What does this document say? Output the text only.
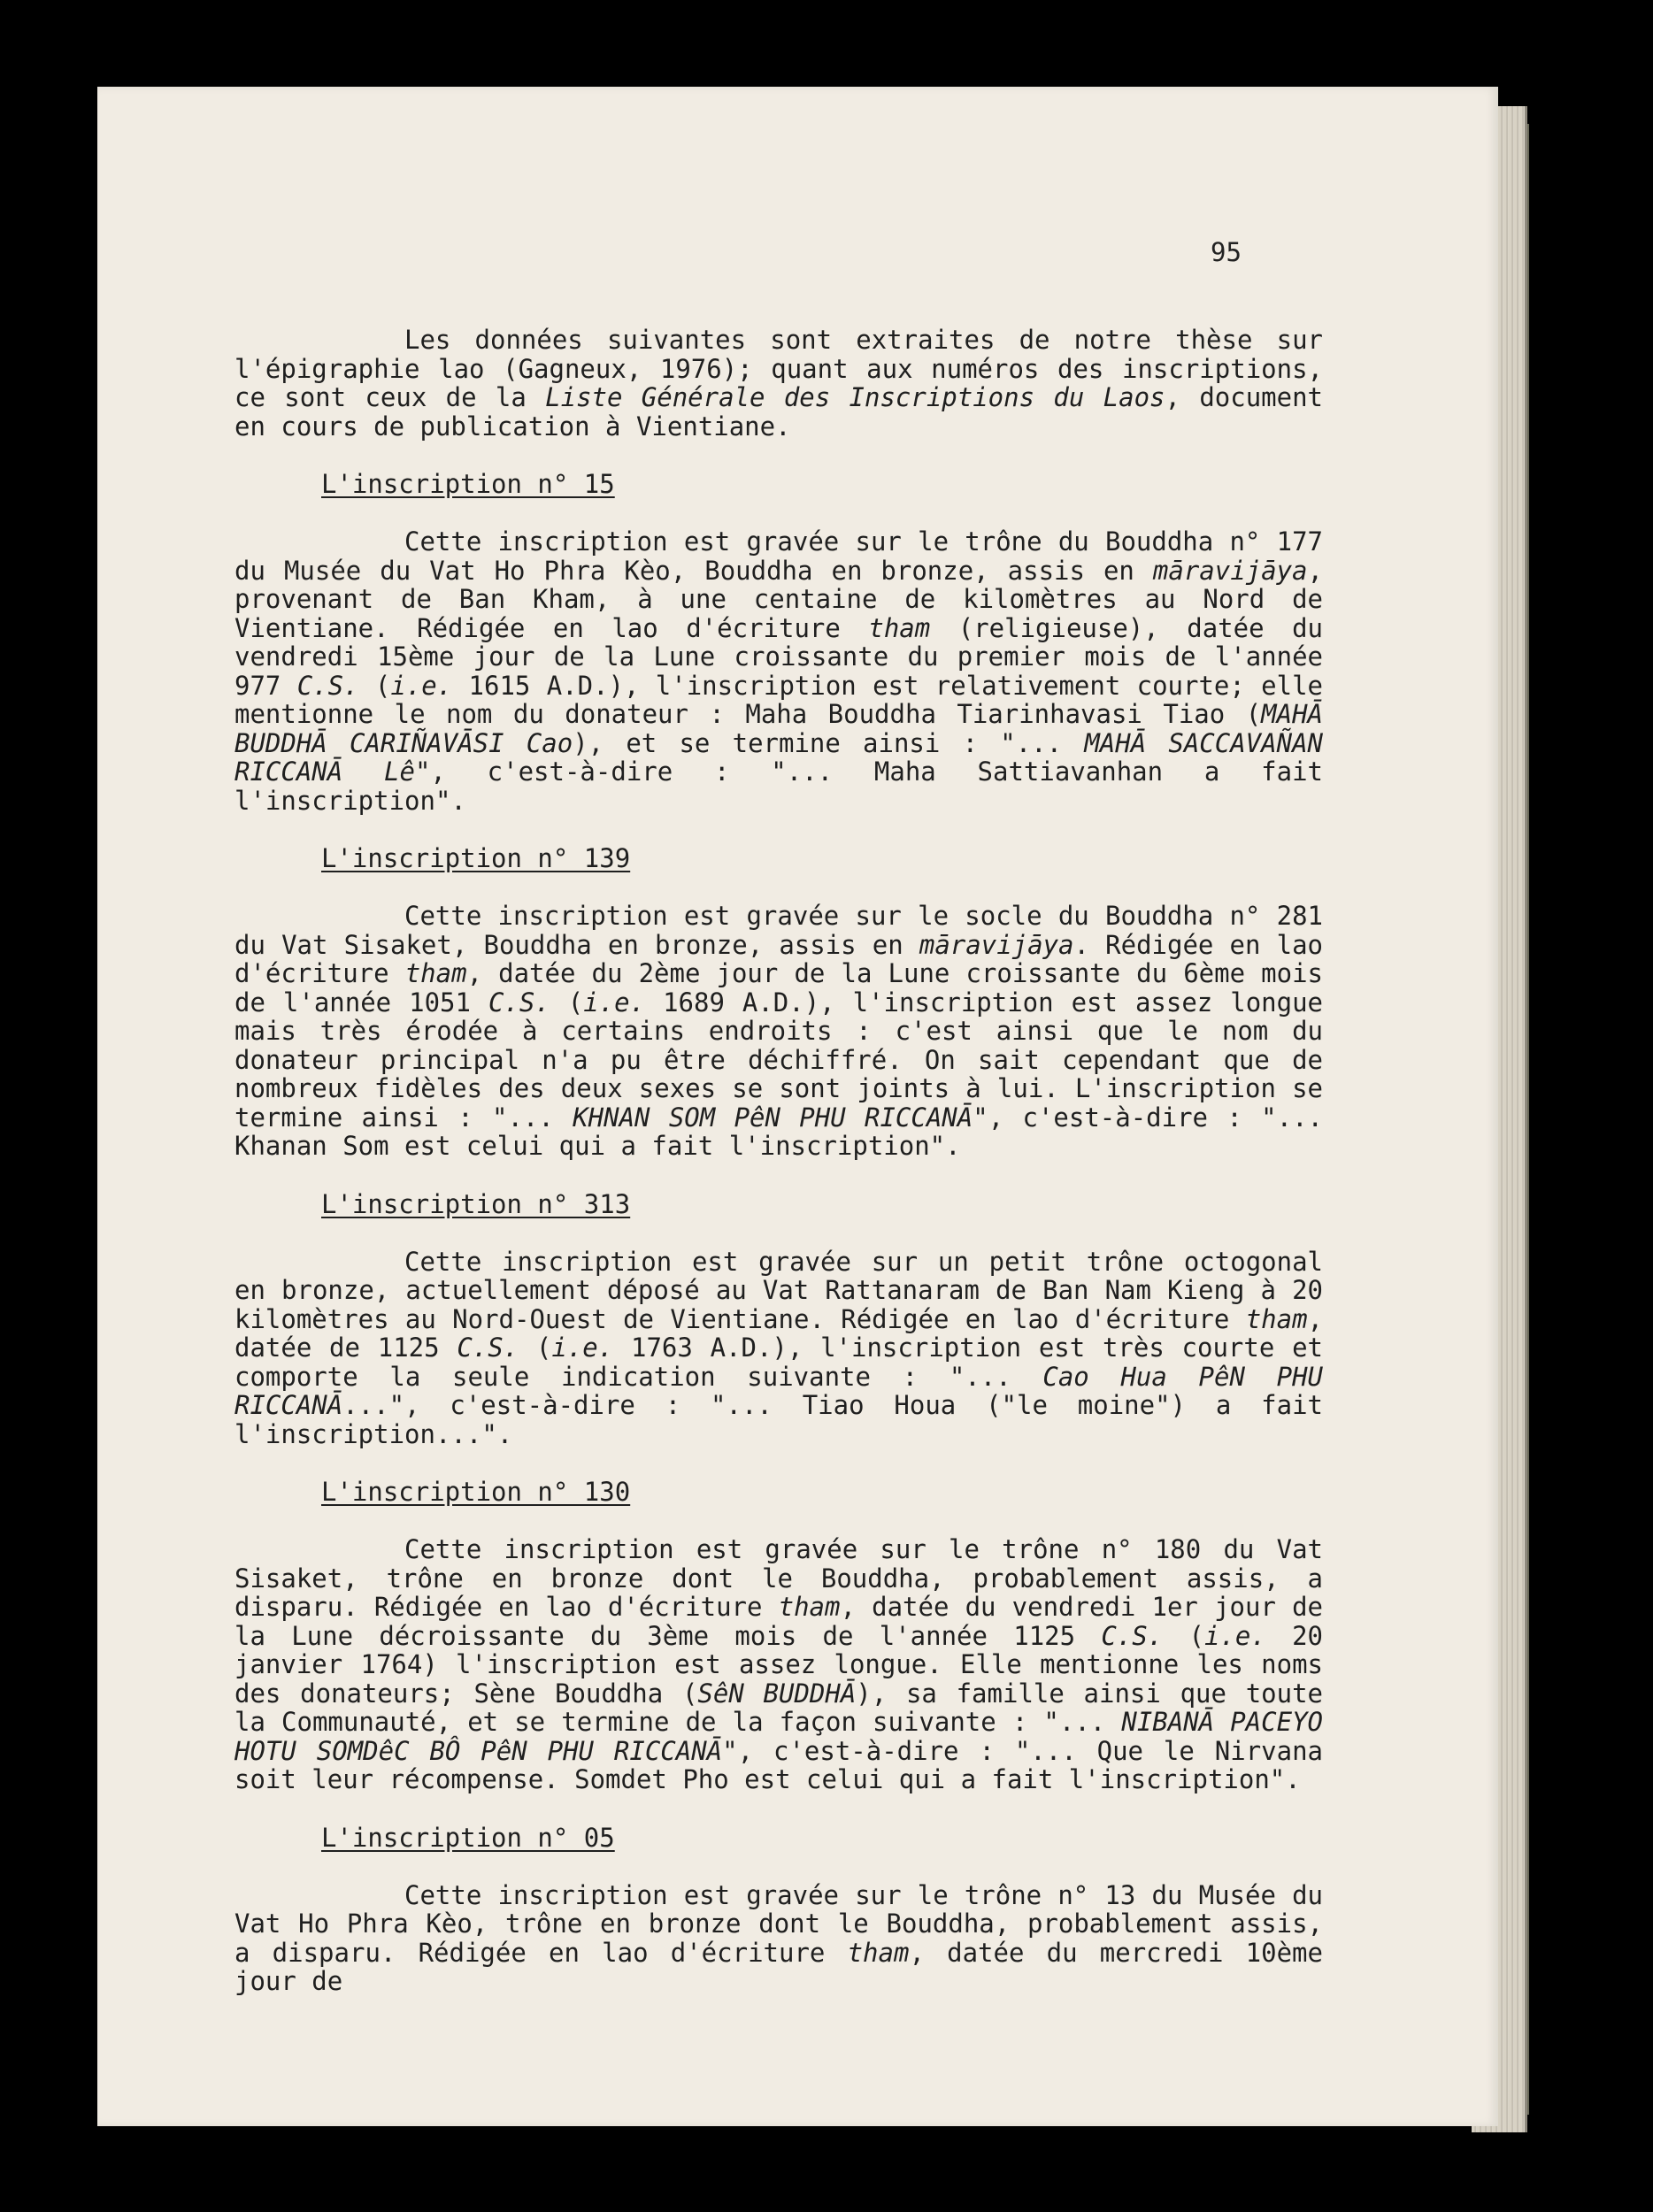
95

Les données suivantes sont extraites de notre thèse sur l'épigraphie lao (Gagneux, 1976); quant aux numéros des inscriptions, ce sont ceux de la Liste Générale des Inscriptions du Laos, document en cours de publication à Vientiane.

L'inscription n° 15

Cette inscription est gravée sur le trône du Bouddha n° 177 du Musée du Vat Ho Phra Kèo, Bouddha en bronze, assis en māravijāya, provenant de Ban Kham, à une centaine de kilomètres au Nord de Vientiane. Rédigée en lao d'écriture tham (religieuse), datée du vendredi 15ème jour de la Lune croissante du premier mois de l'année 977 C.S. (i.e. 1615 A.D.), l'inscription est relativement courte; elle mentionne le nom du donateur : Maha Bouddha Tiarinhavasi Tiao (MAHĀ BUDDHĀ CARIÑAVĀSI Cao), et se termine ainsi : "... MAHĀ SACCAVAÑAN RICCANĀ Lê", c'est-à-dire : "... Maha Sattiavanhan a fait l'inscription".

L'inscription n° 139

Cette inscription est gravée sur le socle du Bouddha n° 281 du Vat Sisaket, Bouddha en bronze, assis en māravijāya. Rédigée en lao d'écriture tham, datée du 2ème jour de la Lune croissante du 6ème mois de l'année 1051 C.S. (i.e. 1689 A.D.), l'inscription est assez longue mais très érodée à certains endroits : c'est ainsi que le nom du donateur principal n'a pu être déchiffré. On sait cependant que de nombreux fidèles des deux sexes se sont joints à lui. L'inscription se termine ainsi : "... KHNAN SOM PêN PHU RICCANĀ", c'est-à-dire : "... Khanan Som est celui qui a fait l'inscription".

L'inscription n° 313

Cette inscription est gravée sur un petit trône octogonal en bronze, actuellement déposé au Vat Rattanaram de Ban Nam Kieng à 20 kilomètres au Nord-Ouest de Vientiane. Rédigée en lao d'écriture tham, datée de 1125 C.S. (i.e. 1763 A.D.), l'inscription est très courte et comporte la seule indication suivante : "... Cao Hua PêN PHU RICCANĀ...", c'est-à-dire : "... Tiao Houa ("le moine") a fait l'inscription...".

L'inscription n° 130

Cette inscription est gravée sur le trône n° 180 du Vat Sisaket, trône en bronze dont le Bouddha, probablement assis, a disparu. Rédigée en lao d'écriture tham, datée du vendredi 1er jour de la Lune décroissante du 3ème mois de l'année 1125 C.S. (i.e. 20 janvier 1764) l'inscription est assez longue. Elle mentionne les noms des donateurs; Sène Bouddha (SêN BUDDHĀ), sa famille ainsi que toute la Communauté, et se termine de la façon suivante : "... NIBANĀ PACEYO HOTU SOMDêC BÔ PêN PHU RICCANĀ", c'est-à-dire : "... Que le Nirvana soit leur récompense. Somdet Pho est celui qui a fait l'inscription".

L'inscription n° 05

Cette inscription est gravée sur le trône n° 13 du Musée du Vat Ho Phra Kèo, trône en bronze dont le Bouddha, probablement assis, a disparu. Rédigée en lao d'écriture tham, datée du mercredi 10ème jour de
